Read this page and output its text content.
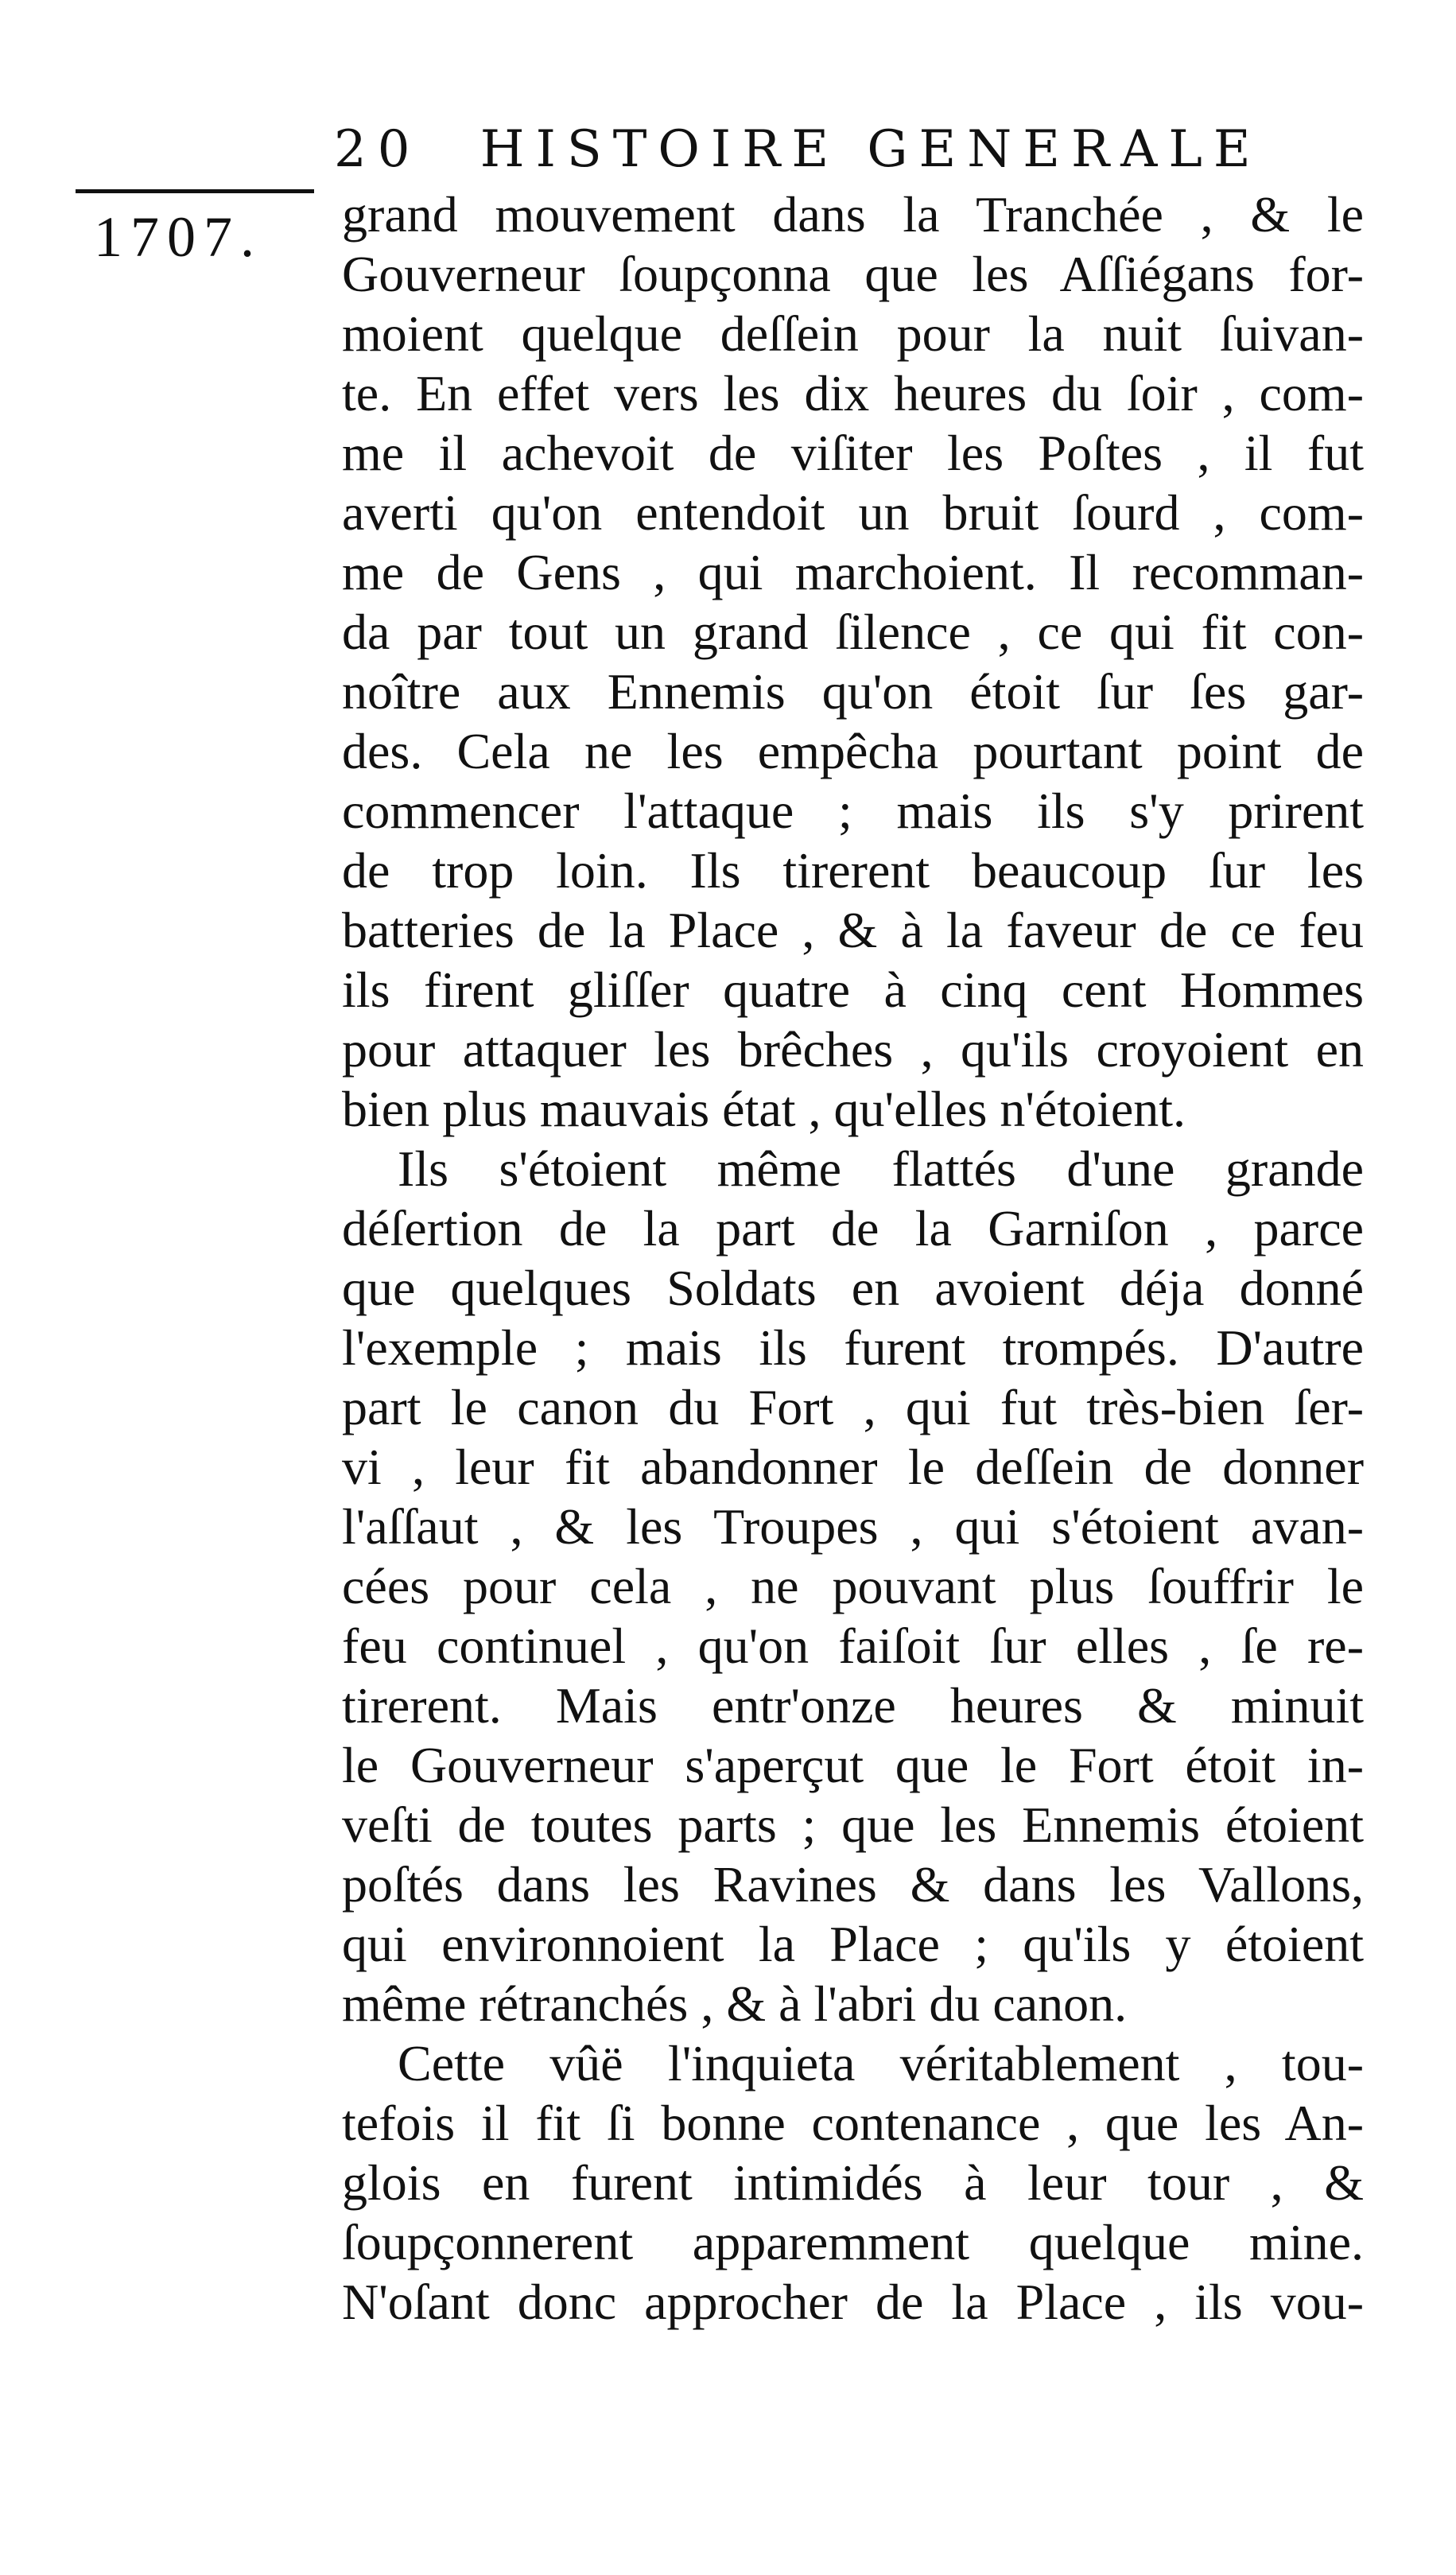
20 HISTOIRE GENERALE
1707. grand mouvement dans la Tranchée , & le
Gouverneur ſoupçonna que les Aſſiégans for-
moient quelque deſſein pour la nuit ſuivan-
te. En effet vers les dix heures du ſoir , com-
me il achevoit de viſiter les Poſtes , il fut
averti qu'on entendoit un bruit ſourd , com-
me de Gens , qui marchoient. Il recomman-
da par tout un grand ſilence , ce qui fit con-
noître aux Ennemis qu'on étoit ſur ſes gar-
des. Cela ne les empêcha pourtant point de
commencer l'attaque ; mais ils s'y prirent
de trop loin. Ils tirerent beaucoup ſur les
batteries de la Place , & à la faveur de ce feu
ils firent gliſſer quatre à cinq cent Hommes
pour attaquer les brêches , qu'ils croyoient en
bien plus mauvais état , qu'elles n'étoient.
Ils s'étoient même flattés d'une grande
déſertion de la part de la Garniſon , parce
que quelques Soldats en avoient déja donné
l'exemple ; mais ils furent trompés. D'autre
part le canon du Fort , qui fut très-bien ſer-
vi , leur fit abandonner le deſſein de donner
l'aſſaut , & les Troupes , qui s'étoient avan-
cées pour cela , ne pouvant plus ſouffrir le
feu continuel , qu'on faiſoit ſur elles , ſe re-
tirerent. Mais entr'onze heures & minuit
le Gouverneur s'aperçut que le Fort étoit in-
veſti de toutes parts ; que les Ennemis étoient
poſtés dans les Ravines & dans les Vallons,
qui environnoient la Place ; qu'ils y étoient
même rétranchés , & à l'abri du canon.
Cette vûë l'inquieta véritablement , tou-
tefois il fit ſi bonne contenance , que les An-
glois en furent intimidés à leur tour , &
ſoupçonnerent apparemment quelque mine.
N'oſant donc approcher de la Place , ils vou-
